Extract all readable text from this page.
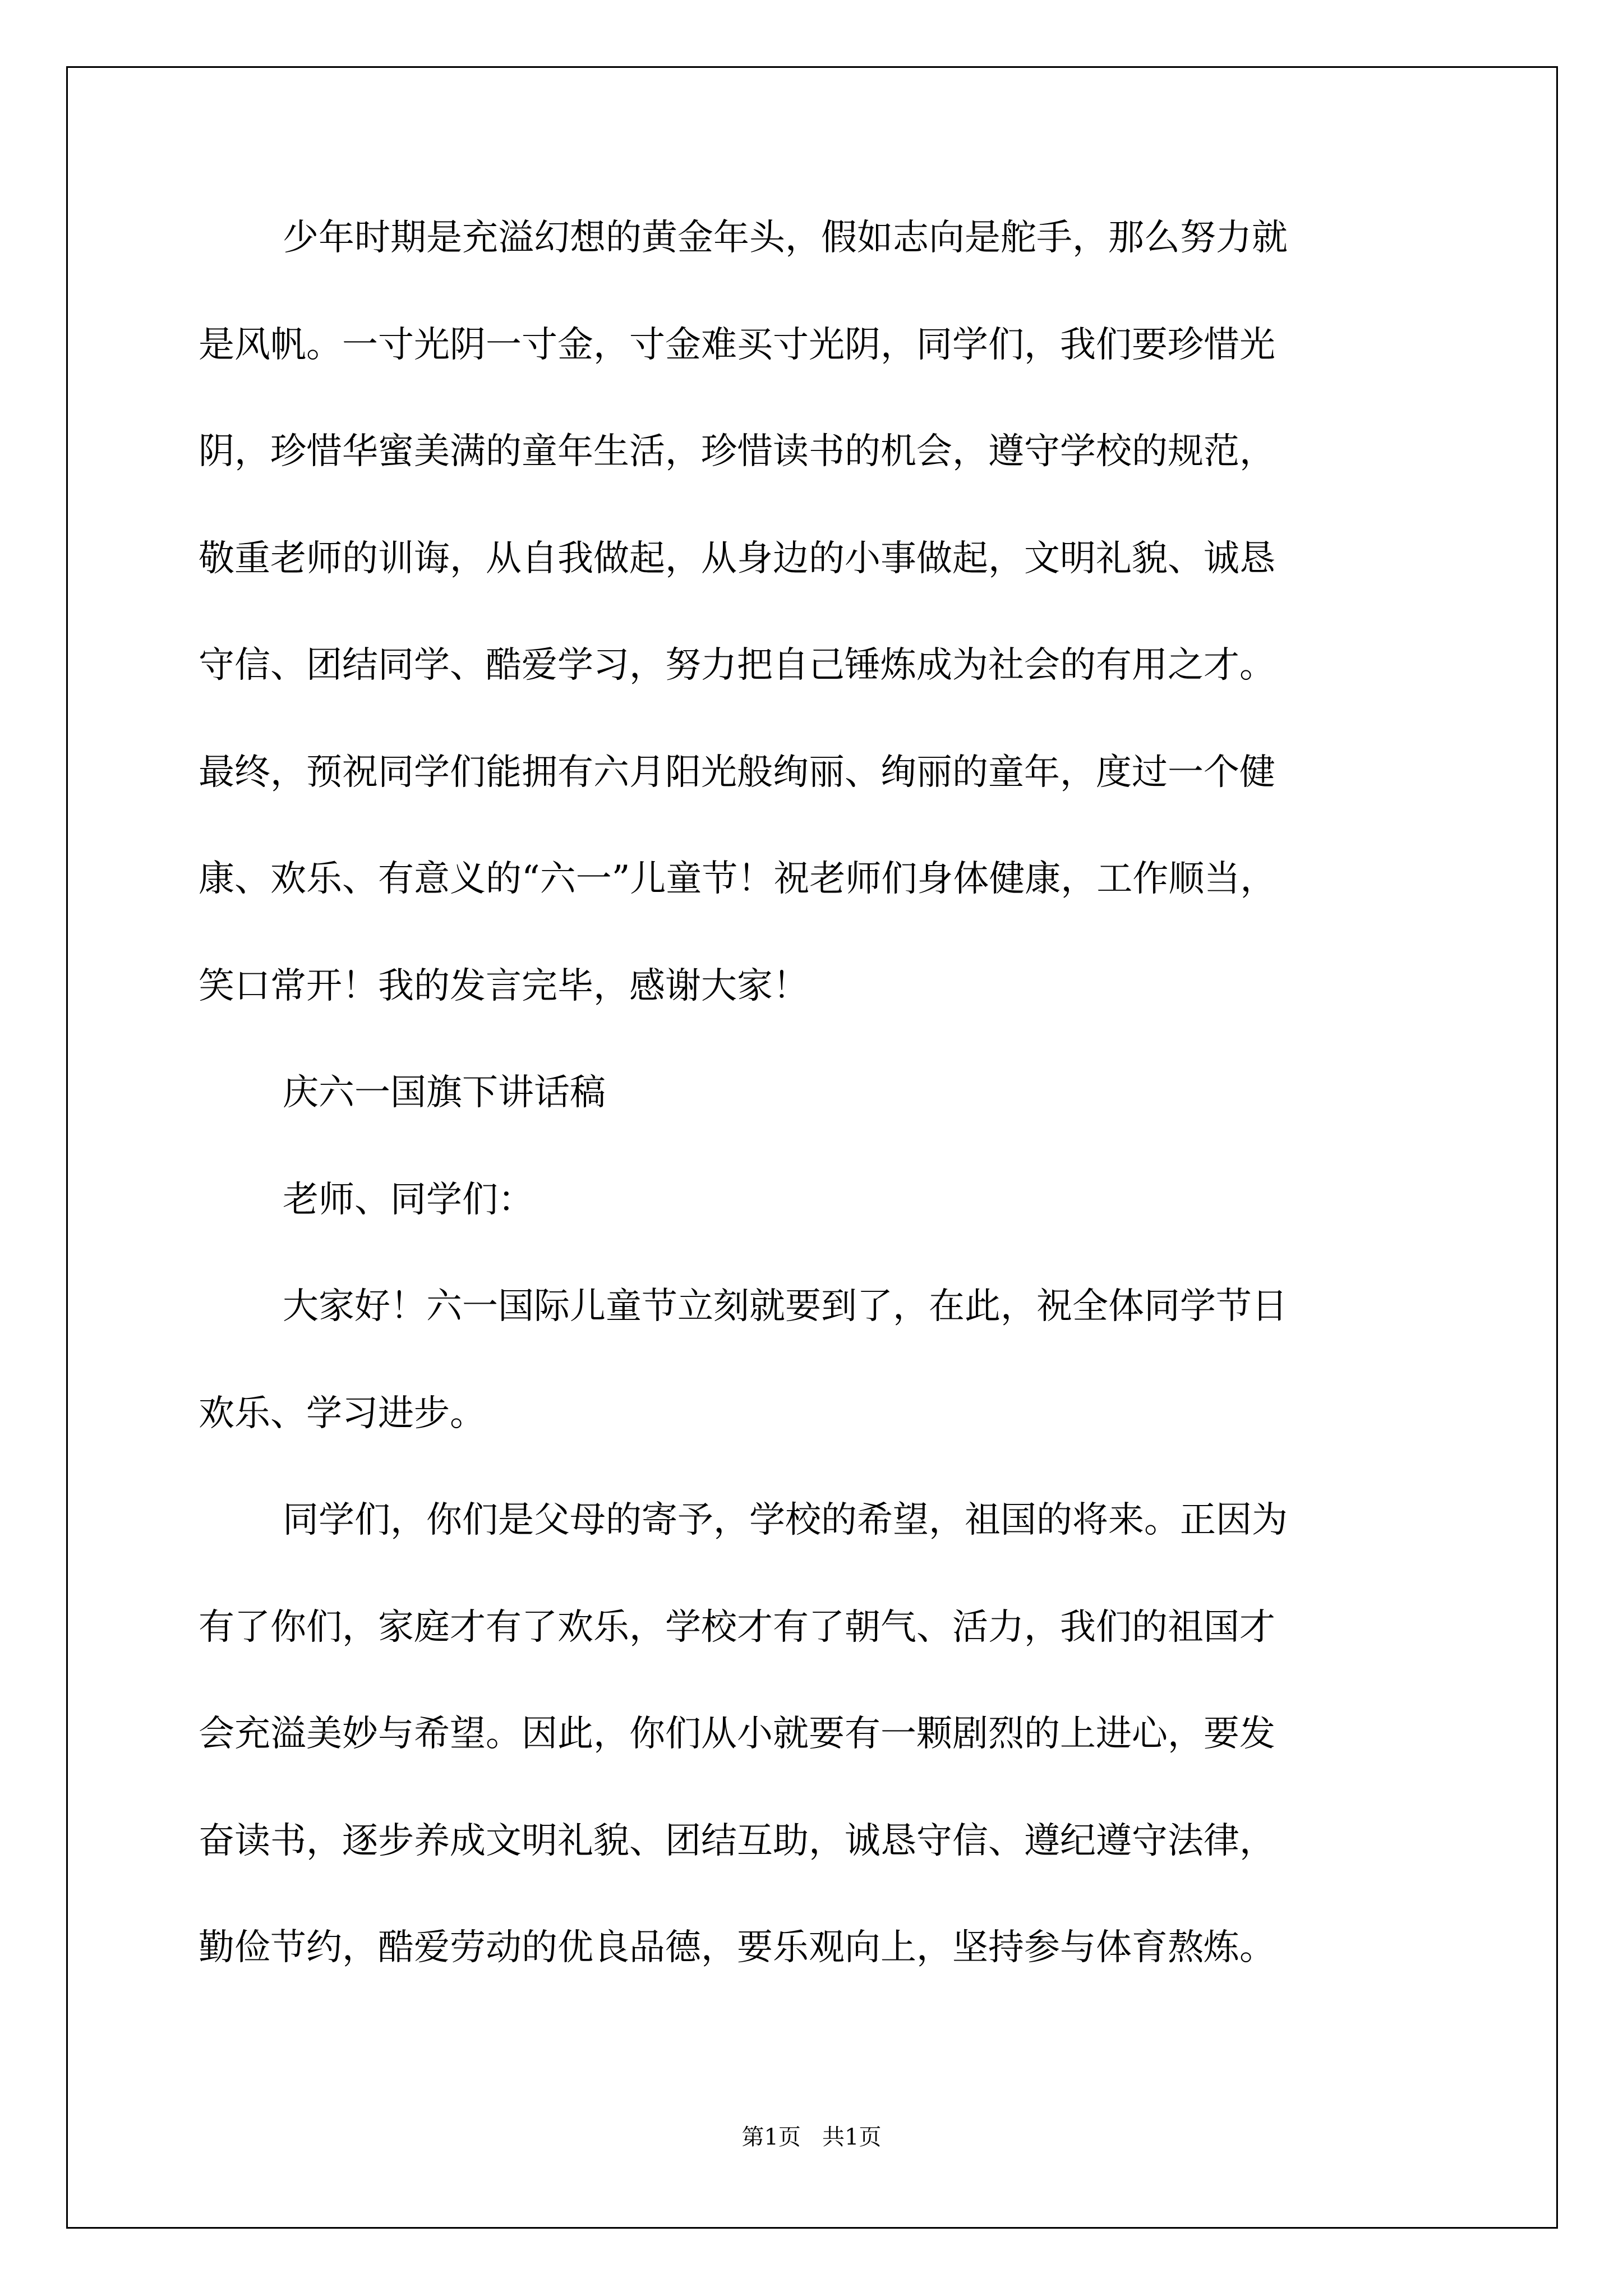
少年时期是充溢幻想的黄金年头，假如志向是舵手，那么努力就
是风帆。一寸光阴一寸金，寸金难买寸光阴，同学们，我们要珍惜光
阴，珍惜华蜜美满的童年生活，珍惜读书的机会，遵守学校的规范，
敬重老师的训诲，从自我做起，从身边的小事做起，文明礼貌、诚恳
守信、团结同学、酷爱学习，努力把自己锤炼成为社会的有用之才。
最终，预祝同学们能拥有六月阳光般绚丽、绚丽的童年，度过一个健
康、欢乐、有意义的“六一”儿童节！祝老师们身体健康，工作顺当，
笑口常开！我的发言完毕，感谢大家！
庆六一国旗下讲话稿
老师、同学们：
大家好！六一国际儿童节立刻就要到了，在此，祝全体同学节日
欢乐、学习进步。
同学们，你们是父母的寄予，学校的希望，祖国的将来。正因为
有了你们，家庭才有了欢乐，学校才有了朝气、活力，我们的祖国才
会充溢美妙与希望。因此，你们从小就要有一颗剧烈的上进心，要发
奋读书，逐步养成文明礼貌、团结互助，诚恳守信、遵纪遵守法律，
勤俭节约，酷爱劳动的优良品德，要乐观向上，坚持参与体育熬炼。
第1页   共1页
